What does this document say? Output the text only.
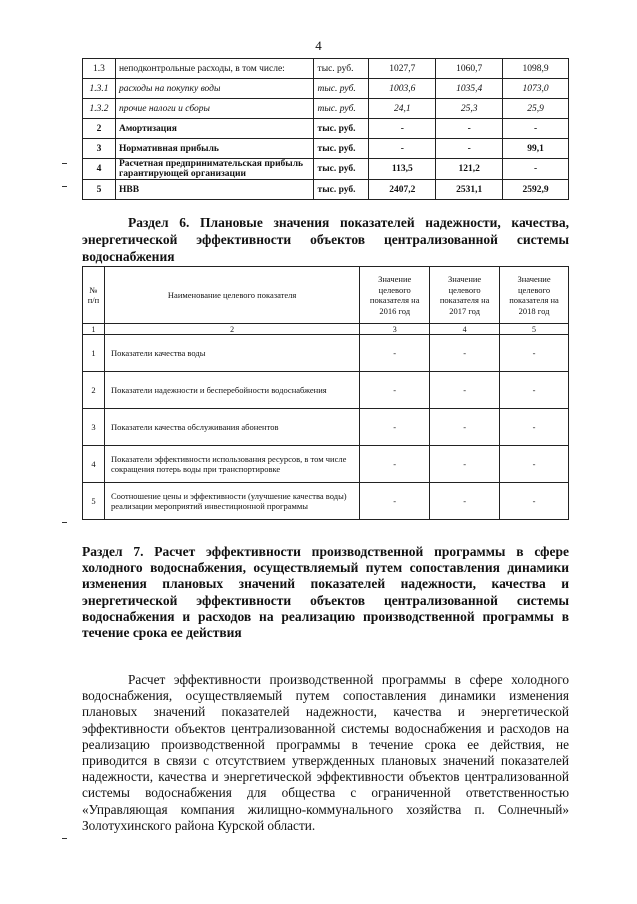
4
1.3	неподконтрольные расходы, в том числе:	тыс. руб.	1027,7	1060,7	1098,9
1.3.1	расходы на покупку воды	тыс. руб.	1003,6	1035,4	1073,0
1.3.2	прочие налоги и сборы	тыс. руб.	24,1	25,3	25,9
2	Амортизация	тыс. руб.	-	-	-
3	Нормативная прибыль	тыс. руб.	-	-	99,1
4	Расчетная предпринимательская прибыль гарантирующей организации	тыс. руб.	113,5	121,2	-
5	НВВ	тыс. руб.	2407,2	2531,1	2592,9
Раздел 6. Плановые значения показателей надежности, качества, энергетической эффективности объектов централизованной системы водоснабжения
№ п/п	Наименование целевого показателя	Значение целевого показателя на 2016 год	Значение целевого показателя на 2017 год	Значение целевого показателя на 2018 год
1	2	3	4	5
1	Показатели качества воды	-	-	-
2	Показатели надежности и бесперебойности водоснабжения	-	-	-
3	Показатели качества обслуживания абонентов	-	-	-
4	Показатели эффективности использования ресурсов, в том числе сокращения потерь воды при транспортировке	-	-	-
5	Соотношение цены и эффективности (улучшение качества воды) реализации мероприятий инвестиционной программы	-	-	-
Раздел 7. Расчет эффективности производственной программы в сфере холодного водоснабжения, осуществляемый путем сопоставления динамики изменения плановых значений показателей надежности, качества и энергетической эффективности объектов централизованной системы водоснабжения и расходов на реализацию производственной программы в течение срока ее действия
Расчет эффективности производственной программы в сфере холодного водоснабжения, осуществляемый путем сопоставления динамики изменения плановых значений показателей надежности, качества и энергетической эффективности объектов централизованной системы водоснабжения и расходов на реализацию производственной программы в течение срока ее действия, не приводится в связи с отсутствием утвержденных плановых значений показателей надежности, качества и энергетической эффективности объектов централизованной системы водоснабжения для общества с ограниченной ответственностью «Управляющая компания жилищно-коммунального хозяйства п. Солнечный» Золотухинского района Курской области.
